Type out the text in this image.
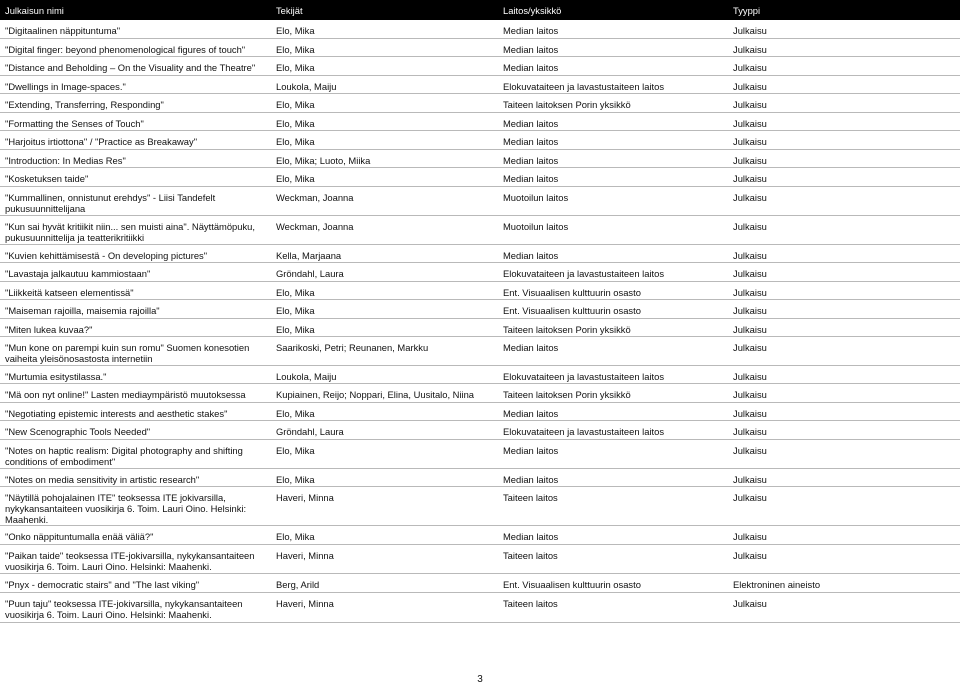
Julkaisun nimi	Tekijät	Laitos/yksikkö	Tyyppi
"Digitaalinen näppituntuma"	Elo, Mika	Median laitos	Julkaisu
"Digital finger: beyond phenomenological figures of touch"	Elo, Mika	Median laitos	Julkaisu
"Distance and Beholding – On the Visuality and the Theatre"	Elo, Mika	Median laitos	Julkaisu
"Dwellings in Image-spaces."	Loukola, Maiju	Elokuvataiteen ja lavastustaiteen laitos	Julkaisu
"Extending, Transferring, Responding"	Elo, Mika	Taiteen laitoksen Porin yksikkö	Julkaisu
"Formatting the Senses of Touch"	Elo, Mika	Median laitos	Julkaisu
"Harjoitus irtiottona" / "Practice as Breakaway"	Elo, Mika	Median laitos	Julkaisu
"Introduction: In Medias Res"	Elo, Mika; Luoto, Miika	Median laitos	Julkaisu
"Kosketuksen taide"	Elo, Mika	Median laitos	Julkaisu
"Kummallinen, onnistunut erehdys" - Liisi Tandefelt pukusuunnittelijana
Weckman, Joanna	Muotoilun laitos	Julkaisu
"Kun sai hyvät kritiikit niin... sen muisti aina". Näyttämöpuku, pukusuunnittelija ja teatterikritiikki
Weckman, Joanna	Muotoilun laitos	Julkaisu
"Kuvien kehittämisestä - On developing pictures"	Kella, Marjaana	Median laitos	Julkaisu
"Lavastaja jalkautuu kammiostaan"	Gröndahl, Laura	Elokuvataiteen ja lavastustaiteen laitos	Julkaisu
"Liikkeitä katseen elementissä"	Elo, Mika	Ent. Visuaalisen kulttuurin osasto	Julkaisu
"Maiseman rajoilla, maisemia rajoilla"	Elo, Mika	Ent. Visuaalisen kulttuurin osasto	Julkaisu
"Miten lukea kuvaa?"	Elo, Mika	Taiteen laitoksen Porin yksikkö	Julkaisu
"Mun kone on parempi kuin sun romu" Suomen konesotien vaiheita yleisönosastosta internetiin
Saarikoski, Petri; Reunanen, Markku	Median laitos	Julkaisu
"Murtumia esitystilassa."	Loukola, Maiju	Elokuvataiteen ja lavastustaiteen laitos	Julkaisu
"Mä oon nyt online!" Lasten mediaympäristö muutoksessa	Kupiainen, Reijo; Noppari, Elina, Uusitalo, Niina	Taiteen laitoksen Porin yksikkö	Julkaisu
"Negotiating epistemic interests and aesthetic stakes"	Elo, Mika	Median laitos	Julkaisu
"New Scenographic Tools Needed"	Gröndahl, Laura	Elokuvataiteen ja lavastustaiteen laitos	Julkaisu
"Notes on haptic realism: Digital photography and shifting conditions of embodiment"
Elo, Mika	Median laitos	Julkaisu
"Notes on media sensitivity in artistic research"	Elo, Mika	Median laitos	Julkaisu
"Näytillä pohojalainen ITE" teoksessa ITE jokivarsilla, nykykansantaiteen vuosikirja 6. Toim. Lauri Oino. Helsinki: Maahenki.
Haveri, Minna	Taiteen laitos	Julkaisu
"Onko näppituntumalla enää väliä?"	Elo, Mika	Median laitos	Julkaisu
"Paikan taide" teoksessa ITE-jokivarsilla, nykykansantaiteen vuosikirja 6. Toim. Lauri Oino. Helsinki: Maahenki.
Haveri, Minna	Taiteen laitos	Julkaisu
"Pnyx - democratic stairs" and "The last viking"	Berg, Arild	Ent. Visuaalisen kulttuurin osasto	Elektroninen aineisto
"Puun taju" teoksessa ITE-jokivarsilla, nykykansantaiteen vuosikirja 6. Toim. Lauri Oino. Helsinki: Maahenki.
Haveri, Minna	Taiteen laitos	Julkaisu
3
